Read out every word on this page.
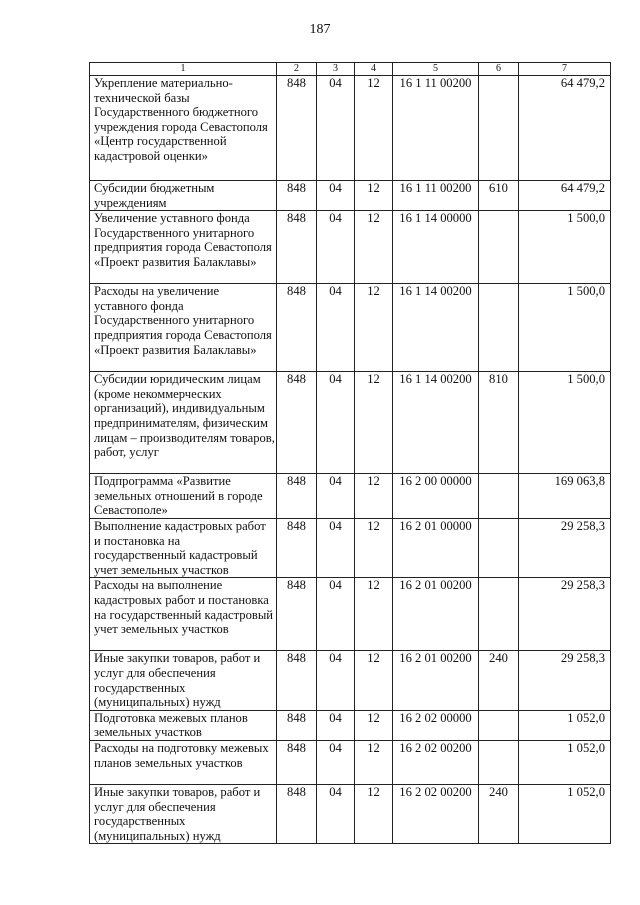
187
1	2	3	4	5	6	7
Укрепление материально-технической базы Государственного бюджетного учреждения города Севастополя «Центр государственной кадастровой оценки»	848	04	12	16 1 11 00200		64 479,2
Субсидии бюджетным учреждениям	848	04	12	16 1 11 00200	610	64 479,2
Увеличение уставного фонда Государственного унитарного предприятия города Севастополя «Проект развития Балаклавы»	848	04	12	16 1 14 00000		1 500,0
Расходы на увеличение уставного фонда Государственного унитарного предприятия города Севастополя «Проект развития Балаклавы»	848	04	12	16 1 14 00200		1 500,0
Субсидии юридическим лицам (кроме некоммерческих организаций), индивидуальным предпринимателям, физическим лицам – производителям товаров, работ, услуг	848	04	12	16 1 14 00200	810	1 500,0
Подпрограмма «Развитие земельных отношений в городе Севастополе»	848	04	12	16 2 00 00000		169 063,8
Выполнение кадастровых работ и постановка на государственный кадастровый учет земельных участков	848	04	12	16 2 01 00000		29 258,3
Расходы на выполнение кадастровых работ и постановка на государственный кадастровый учет земельных участков	848	04	12	16 2 01 00200		29 258,3
Иные закупки товаров, работ и услуг для обеспечения государственных (муниципальных) нужд	848	04	12	16 2 01 00200	240	29 258,3
Подготовка межевых планов земельных участков	848	04	12	16 2 02 00000		1 052,0
Расходы на подготовку межевых планов земельных участков	848	04	12	16 2 02 00200		1 052,0
Иные закупки товаров, работ и услуг для обеспечения государственных (муниципальных) нужд	848	04	12	16 2 02 00200	240	1 052,0
